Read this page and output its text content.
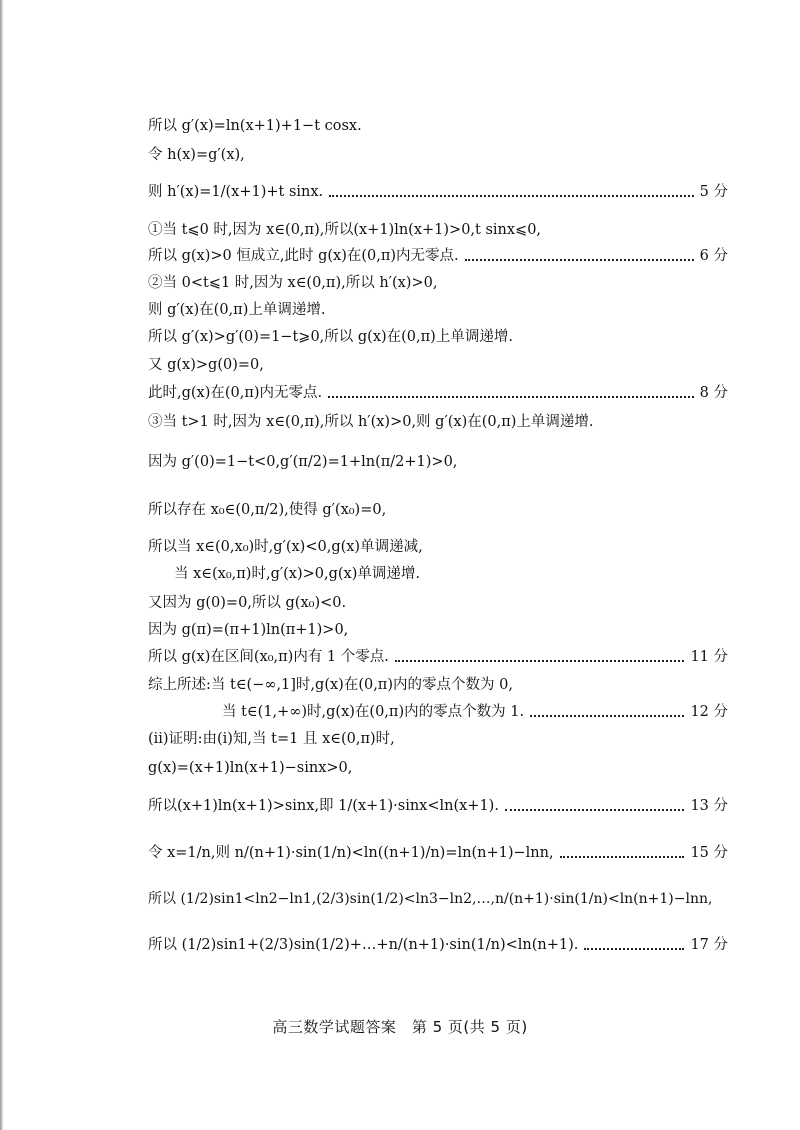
所以 g′(x)=ln(x+1)+1−t cosx.
令 h(x)=g′(x),
则 h′(x)=1/(x+1)+t sinx.	5 分
①当 t⩽0 时,因为 x∈(0,π),所以(x+1)ln(x+1)>0,t sinx⩽0,
所以 g(x)>0 恒成立,此时 g(x)在(0,π)内无零点.	6 分
②当 0<t⩽1 时,因为 x∈(0,π),所以 h′(x)>0,
则 g′(x)在(0,π)上单调递增.
所以 g′(x)>g′(0)=1−t⩾0,所以 g(x)在(0,π)上单调递增.
又 g(x)>g(0)=0,
此时,g(x)在(0,π)内无零点.	8 分
③当 t>1 时,因为 x∈(0,π),所以 h′(x)>0,则 g′(x)在(0,π)上单调递增.
因为 g′(0)=1−t<0,g′(π/2)=1+ln(π/2+1)>0,
所以存在 x₀∈(0,π/2),使得 g′(x₀)=0,
所以当 x∈(0,x₀)时,g′(x)<0,g(x)单调递减,
当 x∈(x₀,π)时,g′(x)>0,g(x)单调递增.
又因为 g(0)=0,所以 g(x₀)<0.
因为 g(π)=(π+1)ln(π+1)>0,
所以 g(x)在区间(x₀,π)内有 1 个零点.	11 分
综上所述:当 t∈(−∞,1]时,g(x)在(0,π)内的零点个数为 0,
当 t∈(1,+∞)时,g(x)在(0,π)内的零点个数为 1.	12 分
(ii)证明:由(i)知,当 t=1 且 x∈(0,π)时,
g(x)=(x+1)ln(x+1)−sinx>0,
所以(x+1)ln(x+1)>sinx,即 1/(x+1)·sinx<ln(x+1).	13 分
令 x=1/n,则 n/(n+1)·sin(1/n)<ln((n+1)/n)=ln(n+1)−lnn,	15 分
所以 (1/2)sin1<ln2−ln1,(2/3)sin(1/2)<ln3−ln2,…,n/(n+1)·sin(1/n)<ln(n+1)−lnn,
所以 (1/2)sin1+(2/3)sin(1/2)+…+n/(n+1)·sin(1/n)<ln(n+1).	17 分
高三数学试题答案　第 5 页(共 5 页)
